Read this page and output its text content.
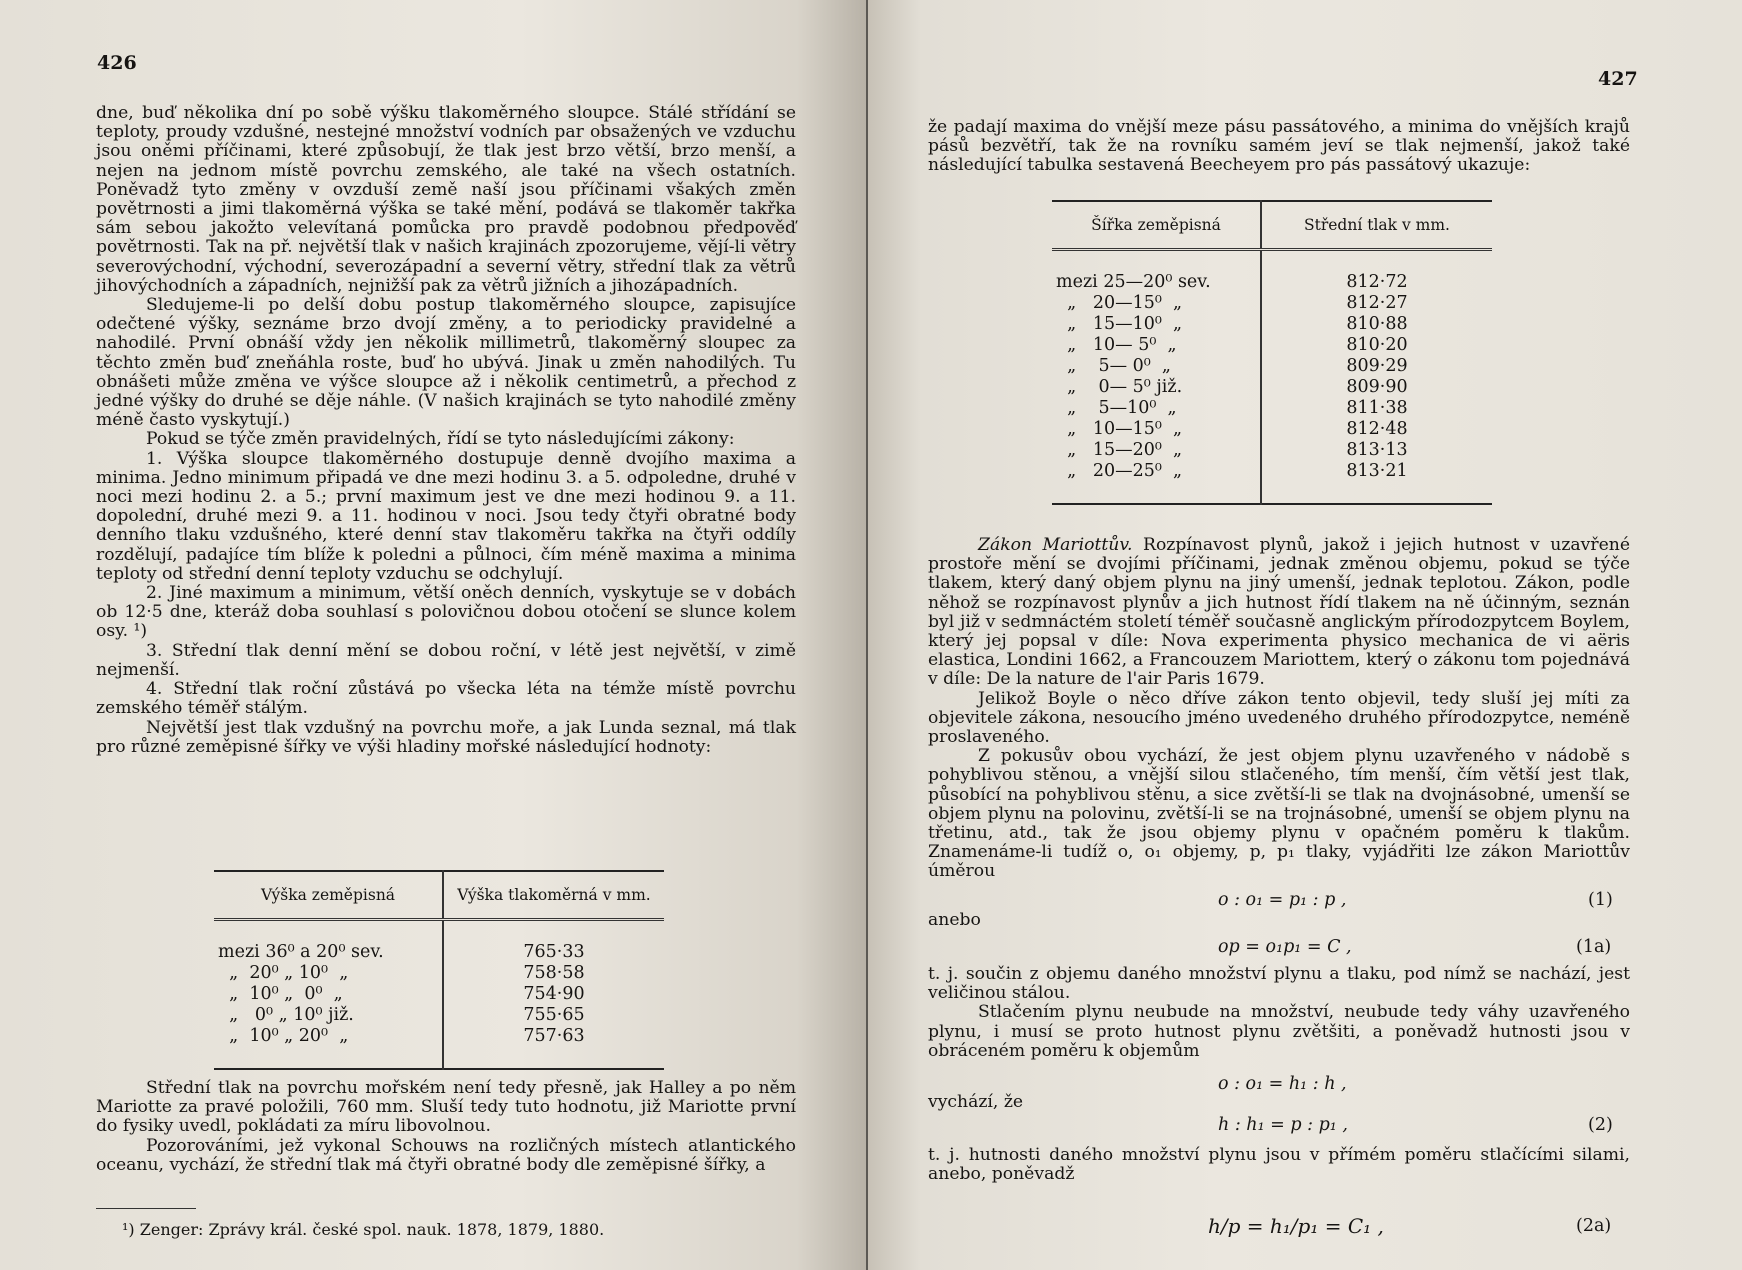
426

dne, buď několika dní po sobě výšku tlakoměrného sloupce. Stálé střídání se teploty, proudy vzdušné, nestejné množství vodních par obsažených ve vzduchu jsou oněmi příčinami, které způsobují, že tlak jest brzo větší, brzo menší, a nejen na jednom místě povrchu zemského, ale také na všech ostatních. Poněvadž tyto změny v ovzduší země naší jsou příčinami všakých změn povětrnosti a jimi tlakoměrná výška se také mění, podává se tlakoměr takřka sám sebou jakožto velevítaná pomůcka pro pravdě podobnou předpověď povětrnosti. Tak na př. největší tlak v našich krajinách zpozorujeme, vějí-li větry severovýchodní, východní, severozápadní a severní větry, střední tlak za větrů jihovýchodních a západních, nejnižší pak za větrů jižních a jihozápadních.

Sledujeme-li po delší dobu postup tlakoměrného sloupce, zapisujíce odečtené výšky, seznáme brzo dvojí změny, a to periodicky pravidelné a nahodilé. První obnáší vždy jen několik millimetrů, tlakoměrný sloupec za těchto změn buď zneňáhla roste, buď ho ubývá. Jinak u změn nahodilých. Tu obnášeti může změna ve výšce sloupce až i několik centimetrů, a přechod z jedné výšky do druhé se děje náhle. (V našich krajinách se tyto nahodilé změny méně často vyskytují.)

Pokud se týče změn pravidelných, řídí se tyto následujícími zákony:

1. Výška sloupce tlakoměrného dostupuje denně dvojího maxima a minima. Jedno minimum připadá ve dne mezi hodinu 3. a 5. odpoledne, druhé v noci mezi hodinu 2. a 5.; první maximum jest ve dne mezi hodinou 9. a 11. dopolední, druhé mezi 9. a 11. hodinou v noci. Jsou tedy čtyři obratné body denního tlaku vzdušného, které denní stav tlakoměru takřka na čtyři oddíly rozdělují, padajíce tím blíže k poledni a půlnoci, čím méně maxima a minima teploty od střední denní teploty vzduchu se odchylují.

2. Jiné maximum a minimum, větší oněch denních, vyskytuje se v dobách ob 12·5 dne, kteráž doba souhlasí s polovičnou dobou otočení se slunce kolem osy. ¹)

3. Střední tlak denní mění se dobou roční, v létě jest největší, v zimě nejmenší.

4. Střední tlak roční zůstává po všecka léta na témže místě povrchu zemského téměř stálým.

Největší jest tlak vzdušný na povrchu moře, a jak Lunda seznal, má tlak pro různé zeměpisné šířky ve výši hladiny mořské následující hodnoty:

Výška zeměpisná	Výška tlakoměrná v mm.

mezi 36⁰ a 20⁰ sev.	765·33
„  20⁰ „ 10⁰  „	758·58
„  10⁰ „  0⁰  „	754·90
„   0⁰ „ 10⁰ již.	755·65
„  10⁰ „ 20⁰  „	757·63

Střední tlak na povrchu mořském není tedy přesně, jak Halley a po něm Mariotte za pravé položili, 760 mm. Sluší tedy tuto hodnotu, již Mariotte první do fysiky uvedl, pokládati za míru libovolnou.

Pozorováními, jež vykonal Schouws na rozličných místech atlantického oceanu, vychází, že střední tlak má čtyři obratné body dle zeměpisné šířky, a

¹) Zenger: Zprávy král. české spol. nauk. 1878, 1879, 1880.
427

že padají maxima do vnější meze pásu passátového, a minima do vnějších krajů pásů bezvětří, tak že na rovníku samém jeví se tlak nejmenší, jakož také následující tabulka sestavená Beecheyem pro pás passátový ukazuje:

Šířka zeměpisná	Střední tlak v mm.

mezi 25—20⁰ sev.	812·72
„   20—15⁰  „	812·27
„   15—10⁰  „	810·88
„   10— 5⁰  „	810·20
„    5— 0⁰  „	809·29
„    0— 5⁰ již.	809·90
„    5—10⁰  „	811·38
„   10—15⁰  „	812·48
„   15—20⁰  „	813·13
„   20—25⁰  „	813·21

Zákon Mariottův. Rozpínavost plynů, jakož i jejich hutnost v uzavřené prostoře mění se dvojími příčinami, jednak změnou objemu, pokud se týče tlakem, který daný objem plynu na jiný umenší, jednak teplotou. Zákon, podle něhož se rozpínavost plynův a jich hutnost řídí tlakem na ně účinným, seznán byl již v sedmnáctém století téměř současně anglickým přírodozpytcem Boylem, který jej popsal v díle: Nova experimenta physico mechanica de vi aëris elastica, Londini 1662, a Francouzem Mariottem, který o zákonu tom pojednává v díle: De la nature de l'air Paris 1679.

Jelikož Boyle o něco dříve zákon tento objevil, tedy sluší jej míti za objevitele zákona, nesoucího jméno uvedeného druhého přírodozpytce, neméně proslaveného.

Z pokusův obou vychází, že jest objem plynu uzavřeného v nádobě s pohyblivou stěnou, a vnější silou stlačeného, tím menší, čím větší jest tlak, působící na pohyblivou stěnu, a sice zvětší-li se tlak na dvojnásobné, umenší se objem plynu na polovinu, zvětší-li se na trojnásobné, umenší se objem plynu na třetinu, atd., tak že jsou objemy plynu v opačném poměru k tlakům. Znamenáme-li tudíž o, o₁ objemy, p, p₁ tlaky, vyjádřiti lze zákon Mariottův úměrou

o : o₁ = p₁ : p ,	(1)
anebo
op = o₁p₁ = C ,	(1a)

t. j. součin z objemu daného množství plynu a tlaku, pod nímž se nachází, jest veličinou stálou.

Stlačením plynu neubude na množství, neubude tedy váhy uzavřeného plynu, i musí se proto hutnost plynu zvětšiti, a poněvadž hutnosti jsou v obráceném poměru k objemům

o : o₁ = h₁ : h ,
vychází, že
h : h₁ = p : p₁ ,	(2)

t. j. hutnosti daného množství plynu jsou v přímém poměru stlačícími silami, anebo, poněvadž

h/p = h₁/p₁ = C₁ ,	(2a)
